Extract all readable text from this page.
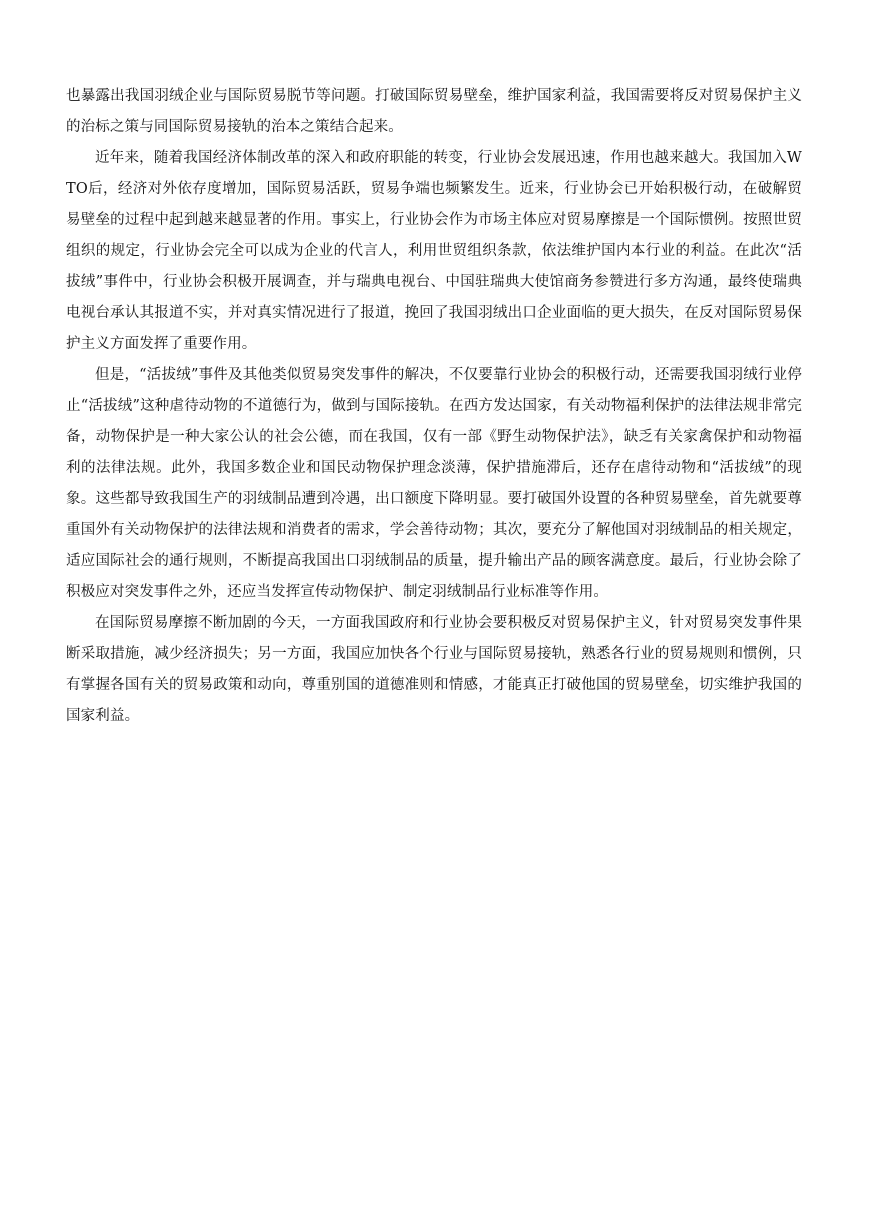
也暴露出我国羽绒企业与国际贸易脱节等问题。打破国际贸易壁垒，维护国家利益，我国需要将反对贸易保护主义的治标之策与同国际贸易接轨的治本之策结合起来。

近年来，随着我国经济体制改革的深入和政府职能的转变，行业协会发展迅速，作用也越来越大。我国加入WTO后，经济对外依存度增加，国际贸易活跃，贸易争端也频繁发生。近来，行业协会已开始积极行动，在破解贸易壁垒的过程中起到越来越显著的作用。事实上，行业协会作为市场主体应对贸易摩擦是一个国际惯例。按照世贸组织的规定，行业协会完全可以成为企业的代言人，利用世贸组织条款，依法维护国内本行业的利益。在此次“活拔绒”事件中，行业协会积极开展调查，并与瑞典电视台、中国驻瑞典大使馆商务参赞进行多方沟通，最终使瑞典电视台承认其报道不实，并对真实情况进行了报道，挽回了我国羽绒出口企业面临的更大损失，在反对国际贸易保护主义方面发挥了重要作用。

但是，“活拔绒”事件及其他类似贸易突发事件的解决，不仅要靠行业协会的积极行动，还需要我国羽绒行业停止“活拔绒”这种虐待动物的不道德行为，做到与国际接轨。在西方发达国家，有关动物福利保护的法律法规非常完备，动物保护是一种大家公认的社会公德，而在我国，仅有一部《野生动物保护法》，缺乏有关家禽保护和动物福利的法律法规。此外，我国多数企业和国民动物保护理念淡薄，保护措施滞后，还存在虐待动物和“活拔绒”的现象。这些都导致我国生产的羽绒制品遭到冷遇，出口额度下降明显。要打破国外设置的各种贸易壁垒，首先就要尊重国外有关动物保护的法律法规和消费者的需求，学会善待动物；其次，要充分了解他国对羽绒制品的相关规定，适应国际社会的通行规则，不断提高我国出口羽绒制品的质量，提升输出产品的顾客满意度。最后，行业协会除了积极应对突发事件之外，还应当发挥宣传动物保护、制定羽绒制品行业标准等作用。

在国际贸易摩擦不断加剧的今天，一方面我国政府和行业协会要积极反对贸易保护主义，针对贸易突发事件果断采取措施，减少经济损失；另一方面，我国应加快各个行业与国际贸易接轨，熟悉各行业的贸易规则和惯例，只有掌握各国有关的贸易政策和动向，尊重别国的道德准则和情感，才能真正打破他国的贸易壁垒，切实维护我国的国家利益。
